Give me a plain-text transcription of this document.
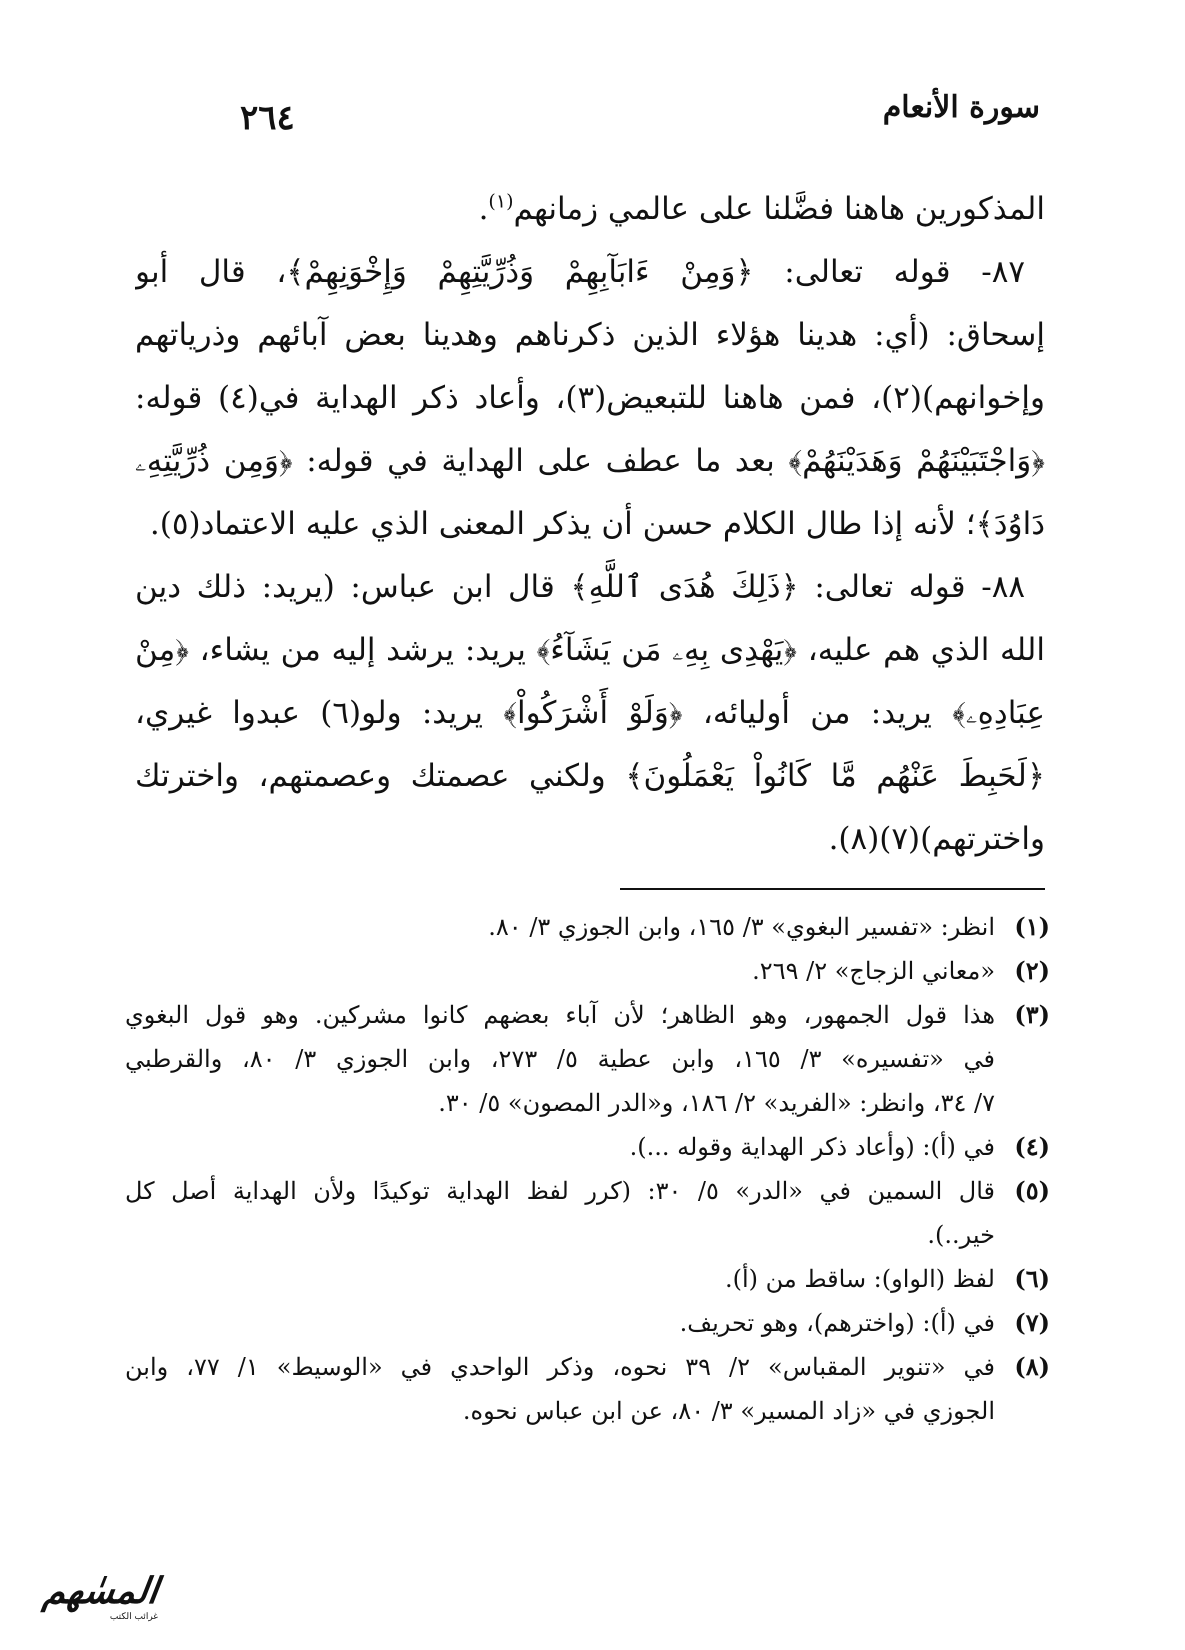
سورة الأنعام
٢٦٤
المذكورين هاهنا فضَّلنا على عالمي زمانهم$^{(١)}$.
٨٧- قوله تعالى: ﴿وَمِنْ ءَابَآبِهِمْ وَذُرِّيَّتِهِمْ وَإِخْوَنِهِمْ﴾، قال أبو
إسحاق: (أي: هدينا هؤلاء الذين ذكرناهم وهدينا بعض آبائهم وذرياتهم
وإخوانهم)(٢)، فمن هاهنا للتبعيض(٣)، وأعاد ذكر الهداية في(٤) قوله:
﴿وَاجْتَبَيْنَهُمْ وَهَدَيْنَهُمْ﴾ بعد ما عطف على الهداية في قوله: ﴿وَمِن ذُرِّيَّتِهِۦ
دَاوُدَ﴾؛ لأنه إذا طال الكلام حسن أن يذكر المعنى الذي عليه الاعتماد(٥).
٨٨- قوله تعالى: ﴿ذَلِكَ هُدَى ٱللَّهِ﴾ قال ابن عباس: (يريد: ذلك دين
الله الذي هم عليه، ﴿يَهْدِى بِهِۦ مَن يَشَآءُ﴾ يريد: يرشد إليه من يشاء، ﴿مِنْ
عِبَادِهِۦ﴾ يريد: من أوليائه، ﴿وَلَوْ أَشْرَكُواْ﴾ يريد: ولو(٦) عبدوا غيري،
﴿لَحَبِطَ عَنْهُم مَّا كَانُواْ يَعْمَلُونَ﴾ ولكني عصمتك وعصمتهم، واخترتك
واخترتهم)(٧)(٨).
(١)
انظر: «تفسير البغوي» ٣/ ١٦٥، وابن الجوزي ٣/ ٨٠.
(٢)
«معاني الزجاج» ٢/ ٢٦٩.
(٣)
هذا قول الجمهور، وهو الظاهر؛ لأن آباء بعضهم كانوا مشركين. وهو قول البغوي
في «تفسيره» ٣/ ١٦٥، وابن عطية ٥/ ٢٧٣، وابن الجوزي ٣/ ٨٠، والقرطبي
٧/ ٣٤، وانظر: «الفريد» ٢/ ١٨٦، و«الدر المصون» ٥/ ٣٠.
(٤)
في (أ): (وأعاد ذكر الهداية وقوله ...).
(٥)
قال السمين في «الدر» ٥/ ٣٠: (كرر لفظ الهداية توكيدًا ولأن الهداية أصل كل
خير..).
(٦)
لفظ (الواو): ساقط من (أ).
(٧)
في (أ): (واخترهم)، وهو تحريف.
(٨)
في «تنوير المقباس» ٢/ ٣٩ نحوه، وذكر الواحدي في «الوسيط» ١/ ٧٧، وابن
الجوزي في «زاد المسير» ٣/ ٨٠، عن ابن عباس نحوه.
المسٰهم
غرائب الكتب
